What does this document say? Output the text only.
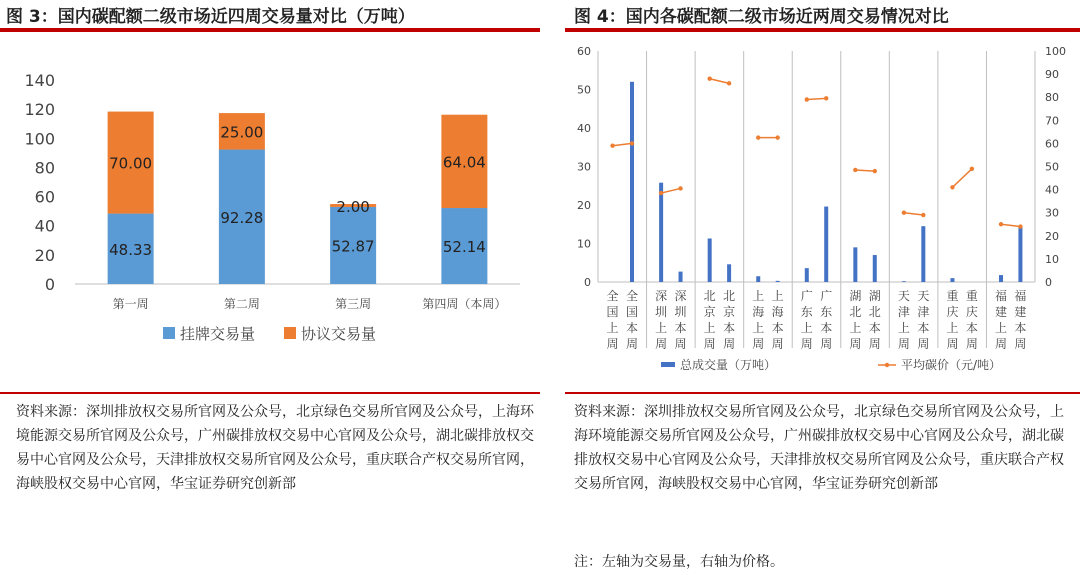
图 3：国内碳配额二级市场近四周交易量对比（万吨）
0
20
40
60
80
100
120
140
48.33
70.00
第一周
92.28
25.00
第二周
52.87
2.00
第三周
52.14
64.04
第四周（本周）
挂牌交易量	协议交易量
资料来源：深圳排放权交易所官网及公众号，北京绿色交易所官网及公众号，上海环境能源交易所官网及公众号，广州碳排放权交易中心官网及公众号，湖北碳排放权交易中心官网及公众号，天津排放权交易所官网及公众号，重庆联合产权交易所官网，海峡股权交易中心官网，华宝证券研究创新部
图 4：国内各碳配额二级市场近两周交易情况对比
0
10
20
30
40
50
60
0
10
20
30
40
50
60
70
80
90
100
全
国
上
周
全
国
本
周
深
圳
上
周
深
圳
本
周
北
京
上
周
北
京
本
周
上
海
上
周
上
海
本
周
广
东
上
周
广
东
本
周
湖
北
上
周
湖
北
本
周
天
津
上
周
天
津
本
周
重
庆
上
周
重
庆
本
周
福
建
上
周
福
建
本
周
总成交量（万吨）	平均碳价（元/吨）
资料来源：深圳排放权交易所官网及公众号，北京绿色交易所官网及公众号，上海环境能源交易所官网及公众号，广州碳排放权交易中心官网及公众号，湖北碳排放权交易中心官网及公众号，天津排放权交易所官网及公众号，重庆联合产权交易所官网，海峡股权交易中心官网，华宝证券研究创新部
注：左轴为交易量，右轴为价格。
